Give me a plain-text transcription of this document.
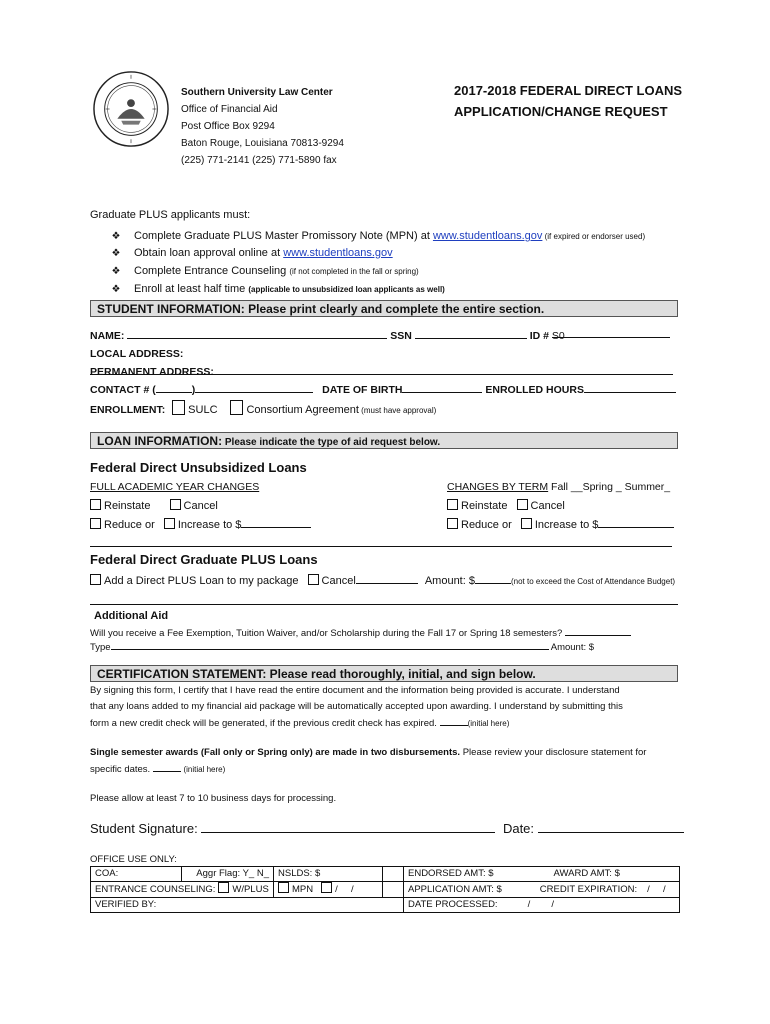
Southern University Law Center
Office of Financial Aid
Post Office Box 9294
Baton Rouge, Louisiana 70813-9294
(225) 771-2141 (225) 771-5890 fax
2017-2018 FEDERAL DIRECT LOANS
APPLICATION/CHANGE REQUEST
Graduate PLUS applicants must:
❖ Complete Graduate PLUS Master Promissory Note (MPN) at www.studentloans.gov (if expired or endorser used)
❖ Obtain loan approval online at www.studentloans.gov
❖ Complete Entrance Counseling (if not completed in the fall or spring)
❖ Enroll at least half time (applicable to unsubsidized loan applicants as well)
STUDENT INFORMATION: Please print clearly and complete the entire section.
NAME:	SSN	ID # S0
LOCAL ADDRESS:
PERMANENT ADDRESS:
CONTACT # (	)	DATE OF BIRTH	ENROLLED HOURS
ENROLLMENT: SULC	Consortium Agreement (must have approval)
LOAN INFORMATION: Please indicate the type of aid request below.
Federal Direct Unsubsidized Loans
FULL ACADEMIC YEAR CHANGES	CHANGES BY TERM Fall __Spring _ Summer_
Reinstate	Cancel
Reduce or Increase to $
Reinstate Cancel
Reduce or Increase to $
Federal Direct Graduate PLUS Loans
Add a Direct PLUS Loan to my package Cancel	Amount: $	(not to exceed the Cost of Attendance Budget)
Additional Aid
Will you receive a Fee Exemption, Tuition Waiver, and/or Scholarship during the Fall 17 or Spring 18 semesters?
Type	Amount: $
CERTIFICATION STATEMENT: Please read thoroughly, initial, and sign below.
By signing this form, I certify that I have read the entire document and the information being provided is accurate. I understand
that any loans added to my financial aid package will be automatically accepted upon awarding. I understand by submitting this
form a new credit check will be generated, if the previous credit check has expired.	(initial here)
Single semester awards (Fall only or Spring only) are made in two disbursements. Please review your disclosure statement for
specific dates.	(initial here)
Please allow at least 7 to 10 business days for processing.
Student Signature:	Date:
OFFICE USE ONLY:
COA:	Aggr Flag: Y_ N_	NSLDS: $		ENDORSED AMT: $ AWARD AMT: $
ENTRANCE COUNSELING: W/PLUS		MPN /     /		APPLICATION AMT: $ CREDIT EXPIRATION: /     /
VERIFIED BY:				DATE PROCESSED: /        /
